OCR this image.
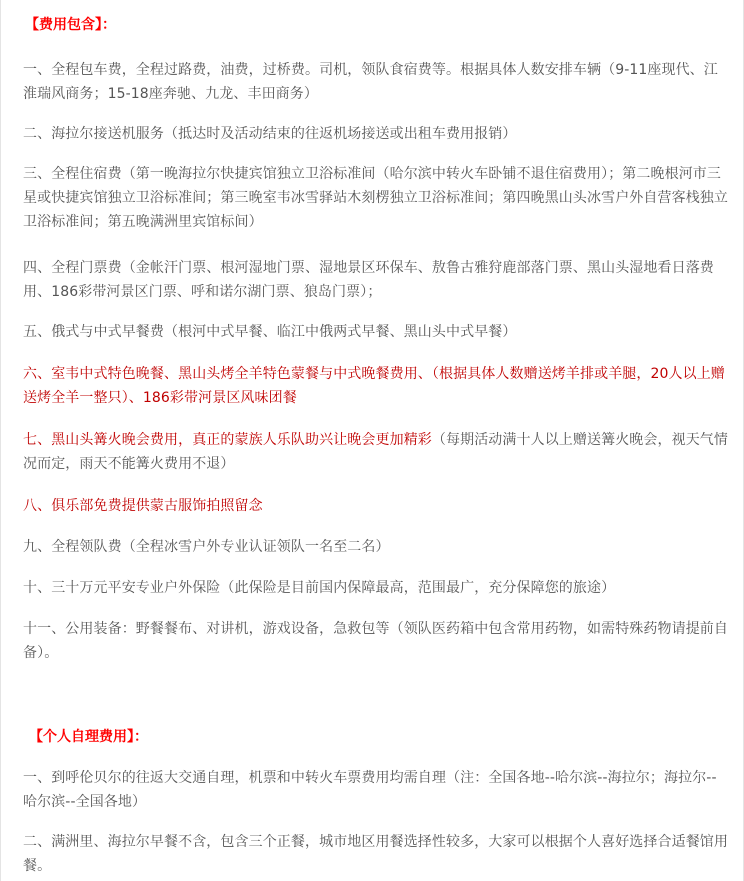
【费用包含】：

一、全程包车费，全程过路费，油费，过桥费。司机，领队食宿费等。根据具体人数安排车辆（9-11座现代、江淮瑞风商务；15-18座奔驰、九龙、丰田商务）

二、海拉尔接送机服务（抵达时及活动结束的往返机场接送或出租车费用报销）

三、全程住宿费（第一晚海拉尔快捷宾馆独立卫浴标准间（哈尔滨中转火车卧铺不退住宿费用）；第二晚根河市三星或快捷宾馆独立卫浴标准间；第三晚室韦冰雪驿站木刻楞独立卫浴标准间；第四晚黑山头冰雪户外自营客栈独立卫浴标准间；第五晚满洲里宾馆标间）

四、全程门票费（金帐汗门票、根河湿地门票、湿地景区环保车、敖鲁古雅狩鹿部落门票、黑山头湿地看日落费用、186彩带河景区门票、呼和诺尔湖门票、狼岛门票）；

五、俄式与中式早餐费（根河中式早餐、临江中俄两式早餐、黑山头中式早餐）

六、室韦中式特色晚餐、黑山头烤全羊特色蒙餐与中式晚餐费用、（根据具体人数赠送烤羊排或羊腿，20人以上赠送烤全羊一整只）、186彩带河景区风味团餐

七、黑山头篝火晚会费用，真正的蒙族人乐队助兴让晚会更加精彩（每期活动满十人以上赠送篝火晚会，视天气情况而定，雨天不能篝火费用不退）

八、俱乐部免费提供蒙古服饰拍照留念

九、全程领队费（全程冰雪户外专业认证领队一名至二名）

十、三十万元平安专业户外保险（此保险是目前国内保障最高，范围最广，充分保障您的旅途）

十一、公用装备：野餐餐布、对讲机，游戏设备，急救包等（领队医药箱中包含常用药物，如需特殊药物请提前自备）。

【个人自理费用】：

一、到呼伦贝尔的往返大交通自理，机票和中转火车票费用均需自理（注：全国各地--哈尔滨--海拉尔；海拉尔--哈尔滨--全国各地）

二、满洲里、海拉尔早餐不含，包含三个正餐，城市地区用餐选择性较多，大家可以根据个人喜好选择合适餐馆用餐。
